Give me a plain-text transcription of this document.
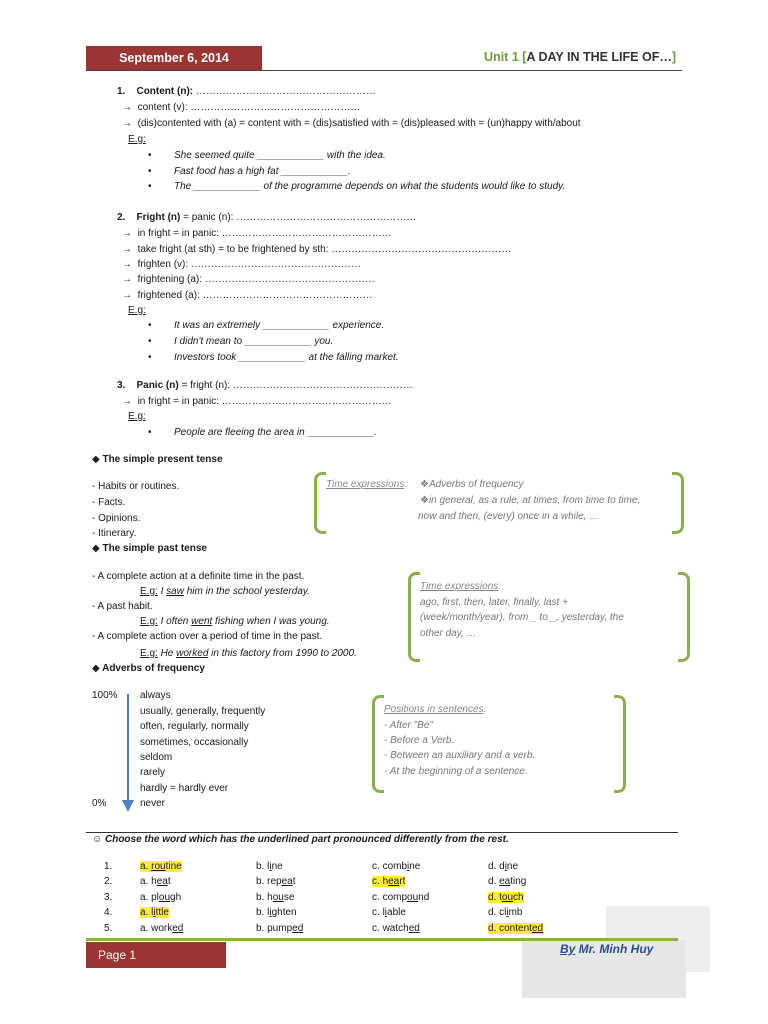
September 6, 2014	Unit 1 [A DAY IN THE LIFE OF…]
1. Content (n): ………………………………………………
→ content (v): ……………………………………………
→ (dis)contented with (a) = content with = (dis)satisfied with = (dis)pleased with = (un)happy with/about
E.g:
• She seemed quite ____________ with the idea.
• Fast food has a high fat ____________.
• The ____________ of the programme depends on what the students would like to study.
2. Fright (n) = panic (n): ………………………………………………
→ in fright = in panic: ……………………………………………
→ take fright (at sth) = to be frightened by sth: ………………………………………………
→ frighten (v): ……………………………………………
→ frightening (a): ……………………………………………
→ frightened (a): ……………………………………………
E.g:
• It was an extremely ____________ experience.
• I didn't mean to ____________ you.
• Investors took ____________ at the falling market.
3. Panic (n) = fright (n): ………………………………………………
→ in fright = in panic: ……………………………………………
E.g:
• People are fleeing the area in ____________.
◆ The simple present tense
- Habits or routines.
- Facts.
- Opinions.
- Itinerary.
Time expressions: ❖Adverbs of frequency
❖in general, as a rule, at times, from time to time,
now and then, (every) once in a while, …
◆ The simple past tense
- A complete action at a definite time in the past.
E.g: I saw him in the school yesterday.
- A past habit.
E.g: I often went fishing when I was young.
- A complete action over a period of time in the past.
E.g: He worked in this factory from 1990 to 2000.
Time expressions:
ago, first, then, later, finally, last +
(week/month/year), from _ to _, yesterday, the
other day, …
◆ Adverbs of frequency
100%
0%
always
usually, generally, frequently
often, regularly, normally
sometimes, occasionally
seldom
rarely
hardly = hardly ever
never
Positions in sentences:
- After "Be"
- Before a Verb.
- Between an auxiliary and a verb.
- At the beginning of a sentence.
☺ Choose the word which has the underlined part pronounced differently from the rest.
1.	a. routine	b. line	c. combine	d. dine
2.	a. heat	b. repeat	c. heart	d. eating
3.	a. plough	b. house	c. compound	d. touch
4.	a. little	b. lighten	c. liable	d. climb
5.	a. worked	b. pumped	c. watched	d. contented
Page 1	By Mr. Minh Huy
